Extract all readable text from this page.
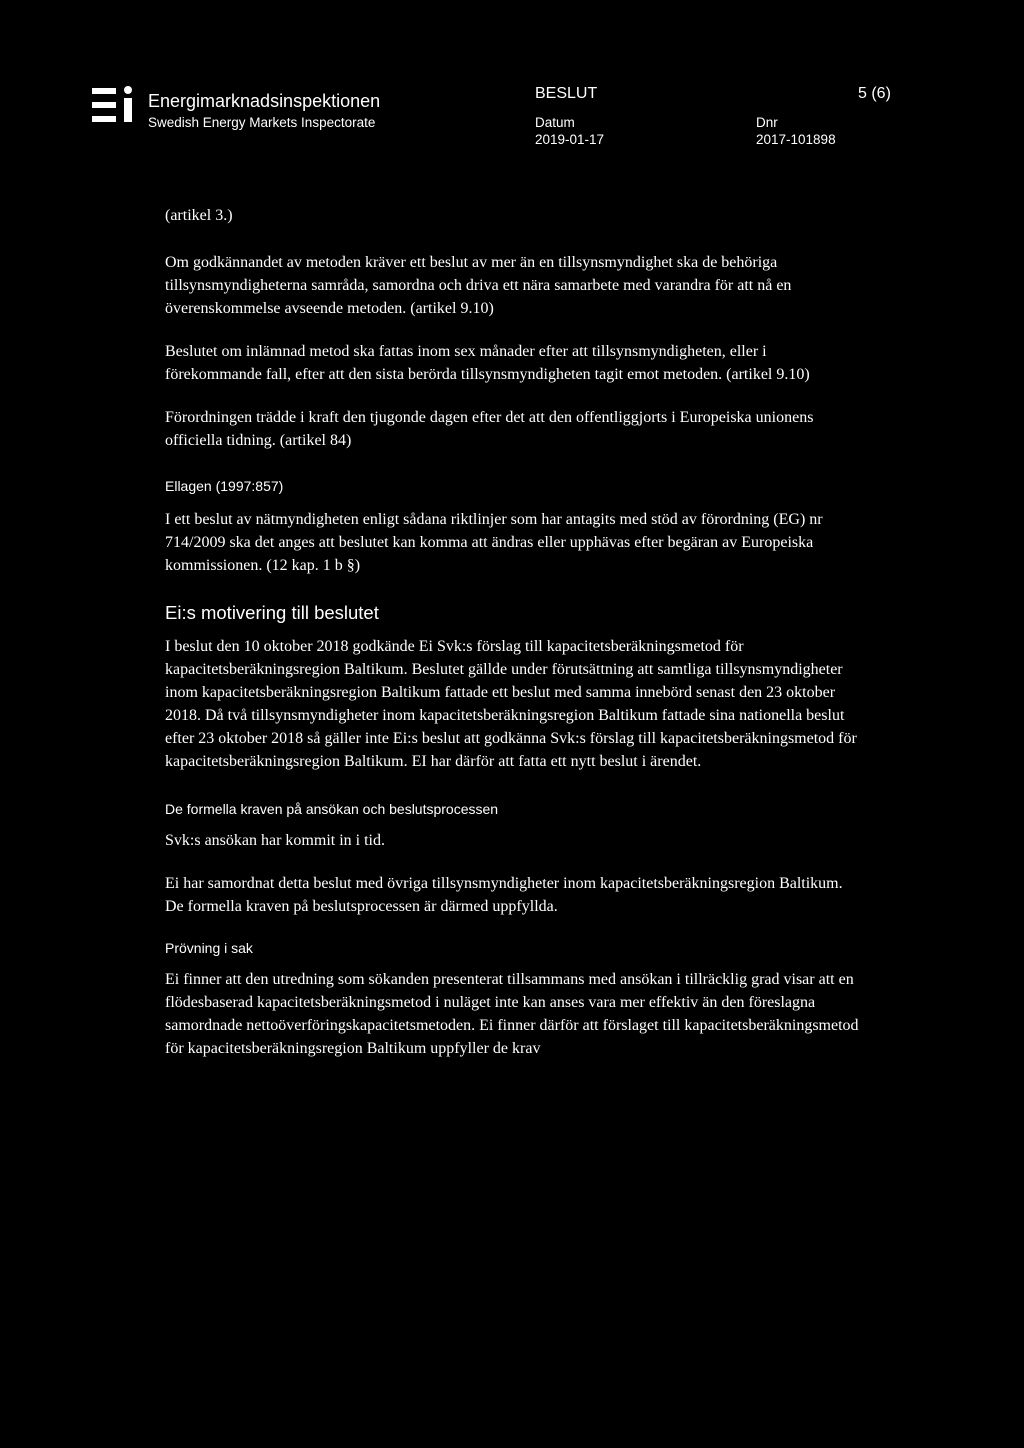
Energimarknadsinspektionen
Swedish Energy Markets Inspectorate
BESLUT	5 (6)
Datum
2019-01-17
Dnr
2017-101898

(artikel 3.)

Om godkännandet av metoden kräver ett beslut av mer än en tillsynsmyndighet ska de behöriga tillsynsmyndigheterna samråda, samordna och driva ett nära samarbete med varandra för att nå en överenskommelse avseende metoden. (artikel 9.10)

Beslutet om inlämnad metod ska fattas inom sex månader efter att tillsynsmyndigheten, eller i förekommande fall, efter att den sista berörda tillsynsmyndigheten tagit emot metoden. (artikel 9.10)

Förordningen trädde i kraft den tjugonde dagen efter det att den offentliggjorts i Europeiska unionens officiella tidning. (artikel 84)

Ellagen (1997:857)

I ett beslut av nätmyndigheten enligt sådana riktlinjer som har antagits med stöd av förordning (EG) nr 714/2009 ska det anges att beslutet kan komma att ändras eller upphävas efter begäran av Europeiska kommissionen. (12 kap. 1 b §)

Ei:s motivering till beslutet

I beslut den 10 oktober 2018 godkände Ei Svk:s förslag till kapacitetsberäkningsmetod för kapacitetsberäkningsregion Baltikum. Beslutet gällde under förutsättning att samtliga tillsynsmyndigheter inom kapacitetsberäkningsregion Baltikum fattade ett beslut med samma innebörd senast den 23 oktober 2018. Då två tillsynsmyndigheter inom kapacitetsberäkningsregion Baltikum fattade sina nationella beslut efter 23 oktober 2018 så gäller inte Ei:s beslut att godkänna Svk:s förslag till kapacitetsberäkningsmetod för kapacitetsberäkningsregion Baltikum. EI har därför att fatta ett nytt beslut i ärendet.

De formella kraven på ansökan och beslutsprocessen

Svk:s ansökan har kommit in i tid.

Ei har samordnat detta beslut med övriga tillsynsmyndigheter inom kapacitetsberäkningsregion Baltikum. De formella kraven på beslutsprocessen är därmed uppfyllda.

Prövning i sak

Ei finner att den utredning som sökanden presenterat tillsammans med ansökan i tillräcklig grad visar att en flödesbaserad kapacitetsberäkningsmetod i nuläget inte kan anses vara mer effektiv än den föreslagna samordnade nettoöverföringskapacitetsmetoden. Ei finner därför att förslaget till kapacitetsberäkningsmetod för kapacitetsberäkningsregion Baltikum uppfyller de krav
